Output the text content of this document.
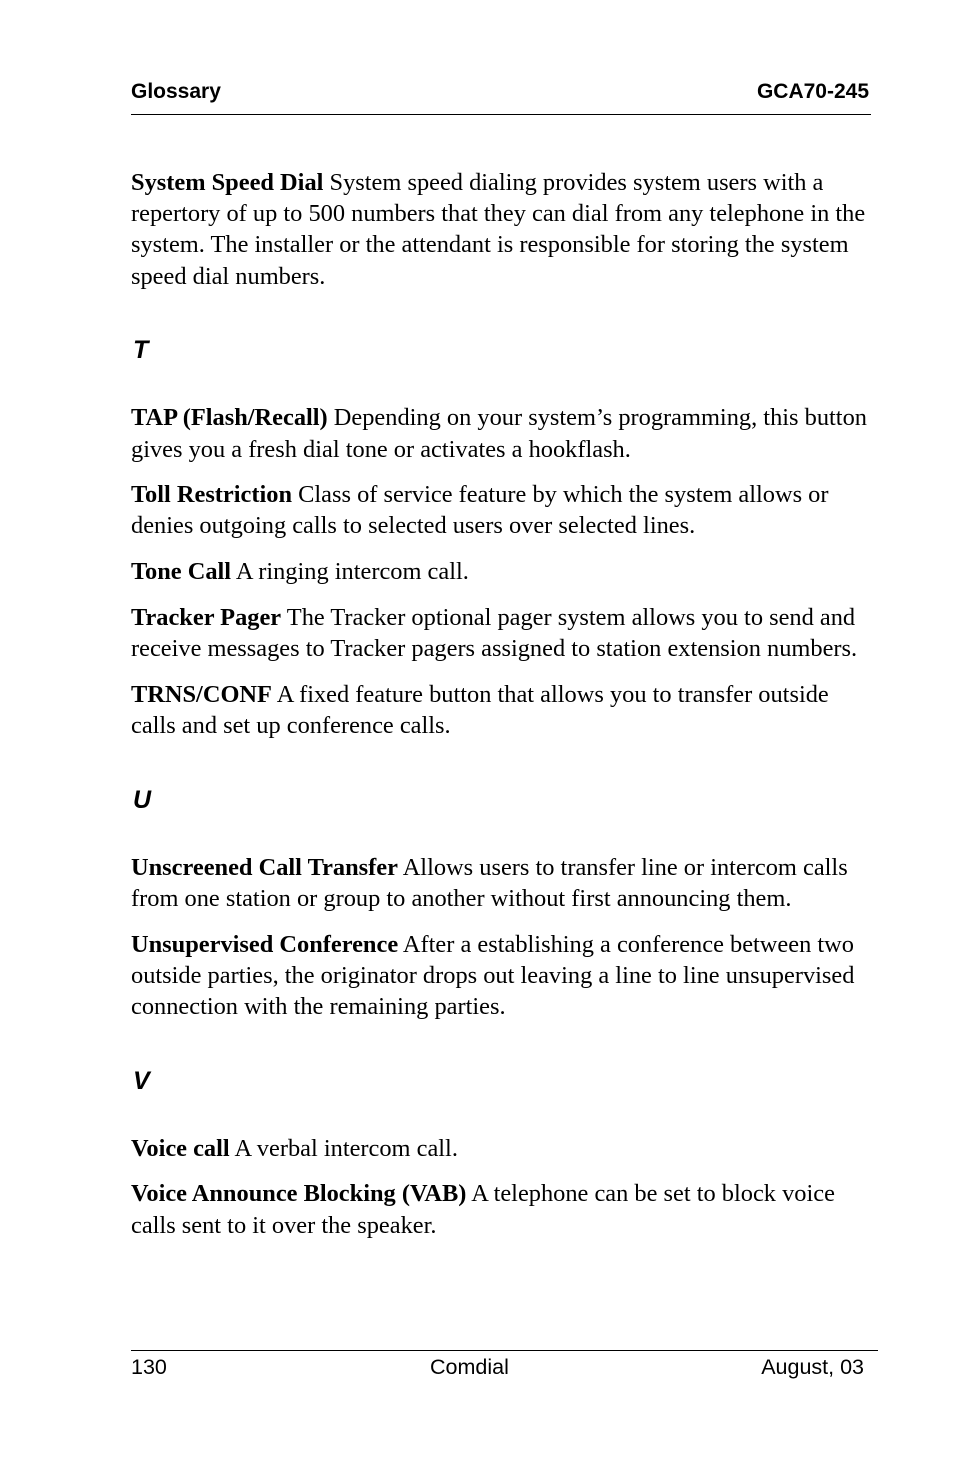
Glossary	GCA70-245

System Speed Dial System speed dialing provides system users with a repertory of up to 500 numbers that they can dial from any telephone in the system. The installer or the attendant is responsible for storing the system speed dial numbers.

T

TAP (Flash/Recall) Depending on your system’s programming, this button gives you a fresh dial tone or activates a hookflash.

Toll Restriction Class of service feature by which the system allows or denies outgoing calls to selected users over selected lines.

Tone Call A ringing intercom call.

Tracker Pager The Tracker optional pager system allows you to send and receive messages to Tracker pagers assigned to station extension numbers.

TRNS/CONF A fixed feature button that allows you to transfer outside calls and set up conference calls.

U

Unscreened Call Transfer Allows users to transfer line or intercom calls from one station or group to another without first announcing them.

Unsupervised Conference After a establishing a conference between two outside parties, the originator drops out leaving a line to line unsupervised connection with the remaining parties.

V

Voice call A verbal intercom call.

Voice Announce Blocking (VAB) A telephone can be set to block voice calls sent to it over the speaker.

130	Comdial	August, 03
